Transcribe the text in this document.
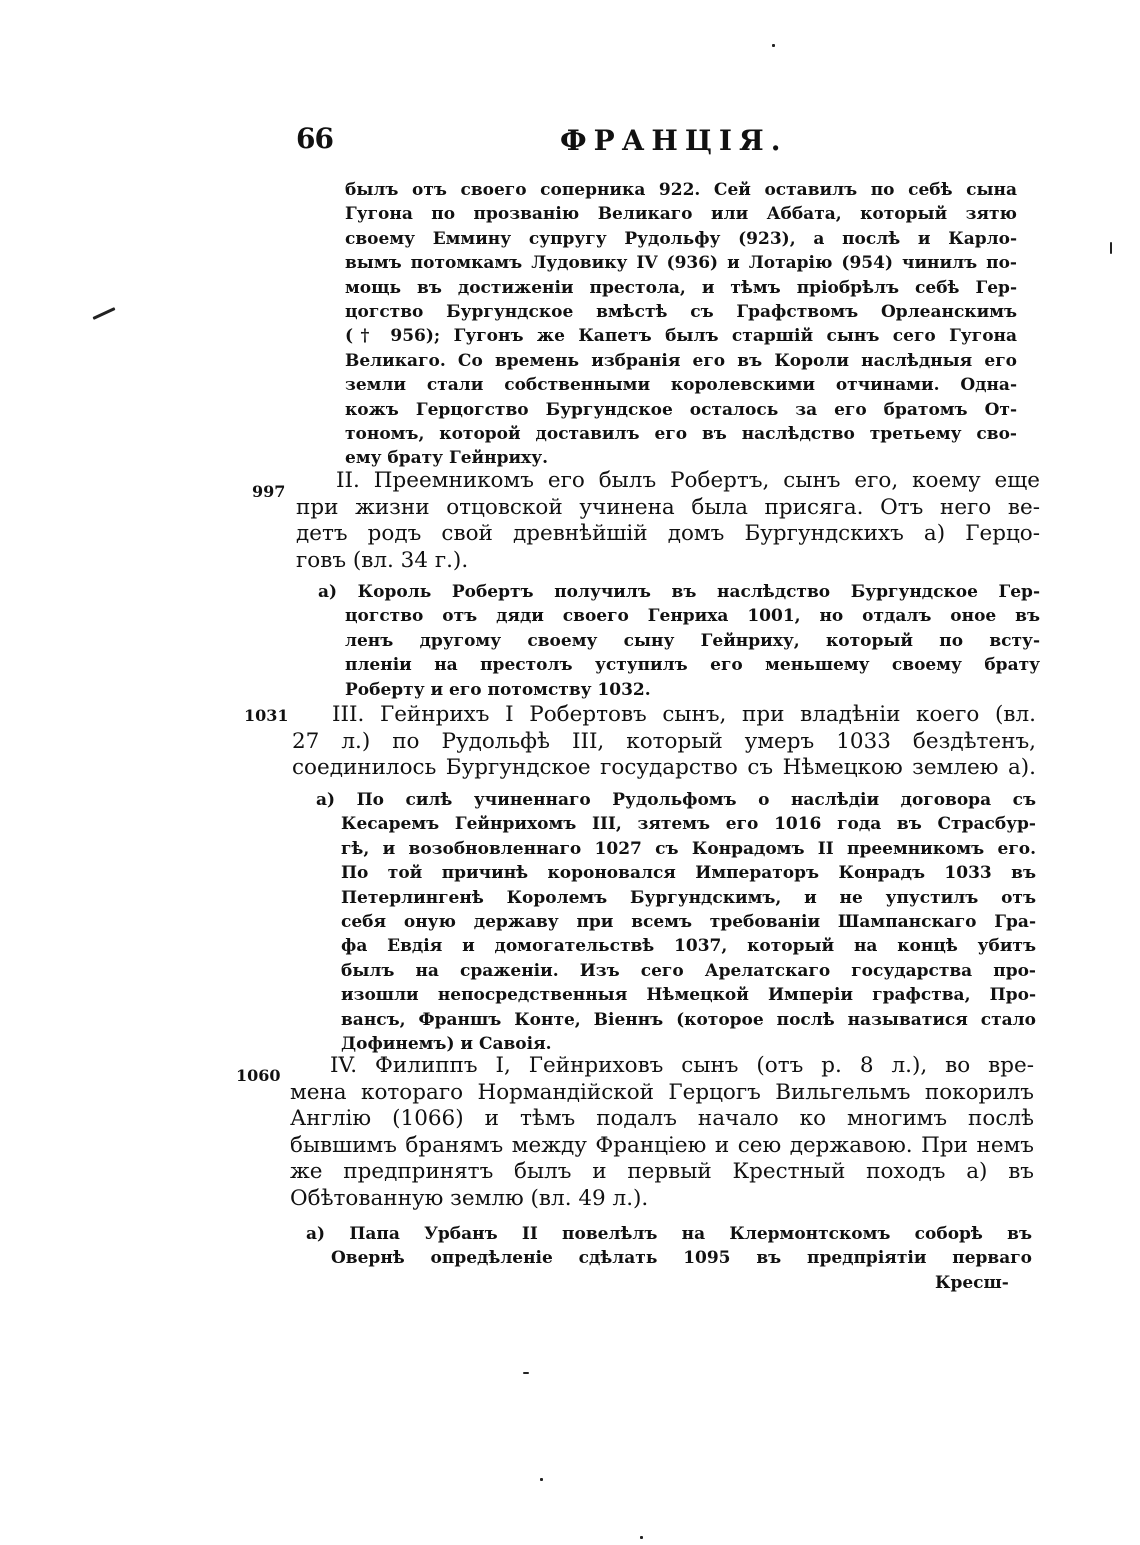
66	ФРАНЦІЯ.
былъ отъ своего соперника 922. Сей оставилъ по себѣ сына
Гугона по прозванію Великаго или Аббата, который зятю
своему Еммину супругу Рудольфу (923), а послѣ и Карло-
вымъ потомкамъ Лудовику IV (936) и Лотарію (954) чинилъ по-
мощь въ достиженіи престола, и тѣмъ пріобрѣлъ себѣ Гер-
цогство Бургундское вмѣстѣ съ Графствомъ Орлеанскимъ
(† 956); Гугонъ же Капетъ былъ старшій сынъ сего Гугона
Великаго. Со времень избранія его въ Короли наслѣдныя его
земли стали собственными королевскими отчинами. Одна-
кожъ Герцогство Бургундское осталось за его братомъ От-
тономъ, которой доставилъ его въ наслѣдство третьему сво-
ему брату Гейнриху.
997	II. Преемникомъ его былъ Робертъ, сынъ его, коему еще
при жизни отцовской учинена была присяга. Отъ него ве-
детъ родъ свой древнѣйшій домъ Бургундскихъ а) Герцо-
говъ (вл. 34 г.).
а) Король Робертъ получилъ въ наслѣдство Бургундское Гер-
цогство отъ дяди своего Генриха 1001, но отдалъ оное въ
ленъ другому своему сыну Гейнриху, который по всту-
пленіи на престолъ уступилъ его меньшему своему брату
Роберту и его потомству 1032.
1031	III. Гейнрихъ I Робертовъ сынъ, при владѣніи коего (вл.
27 л.) по Рудольфѣ III, который умеръ 1033 бездѣтенъ,
соединилось Бургундское государство съ Нѣмецкою землею а).
а) По силѣ учиненнаго Рудольфомъ о наслѣдіи договора съ
Кесаремъ Гейнрихомъ III, зятемъ его 1016 года въ Страсбур-
гѣ, и возобновленнаго 1027 съ Конрадомъ II преемникомъ его.
По той причинѣ короновался Императоръ Конрадъ 1033 въ
Петерлингенѣ Королемъ Бургундскимъ, и не упустилъ отъ
себя оную державу при всемъ требованіи Шампанскаго Гра-
фа Евдія и домогательствѣ 1037, который на концѣ убитъ
былъ на сраженіи. Изъ сего Арелатскаго государства про-
изошли непосредственныя Нѣмецкой Имперіи графства, Про-
вансъ, Франшъ Конте, Віеннъ (которое послѣ называтися стало
Дофинемъ) и Савоія.
1060	IV. Филиппъ I, Гейнриховъ сынъ (отъ р. 8 л.), во вре-
мена котораго Нормандійской Герцогъ Вильгельмъ покорилъ
Англію (1066) и тѣмъ подалъ начало ко многимъ послѣ
бывшимъ бранямъ между Франціею и сею державою. При немъ
же предпринятъ былъ и первый Крестный походъ а) въ
Обѣтованную землю (вл. 49 л.).
а) Папа Урбанъ II повелѣлъ на Клермонтскомъ соборѣ въ
Овернѣ опредѣленіе сдѣлать 1095 въ предпріятіи перваго
Кресш-
